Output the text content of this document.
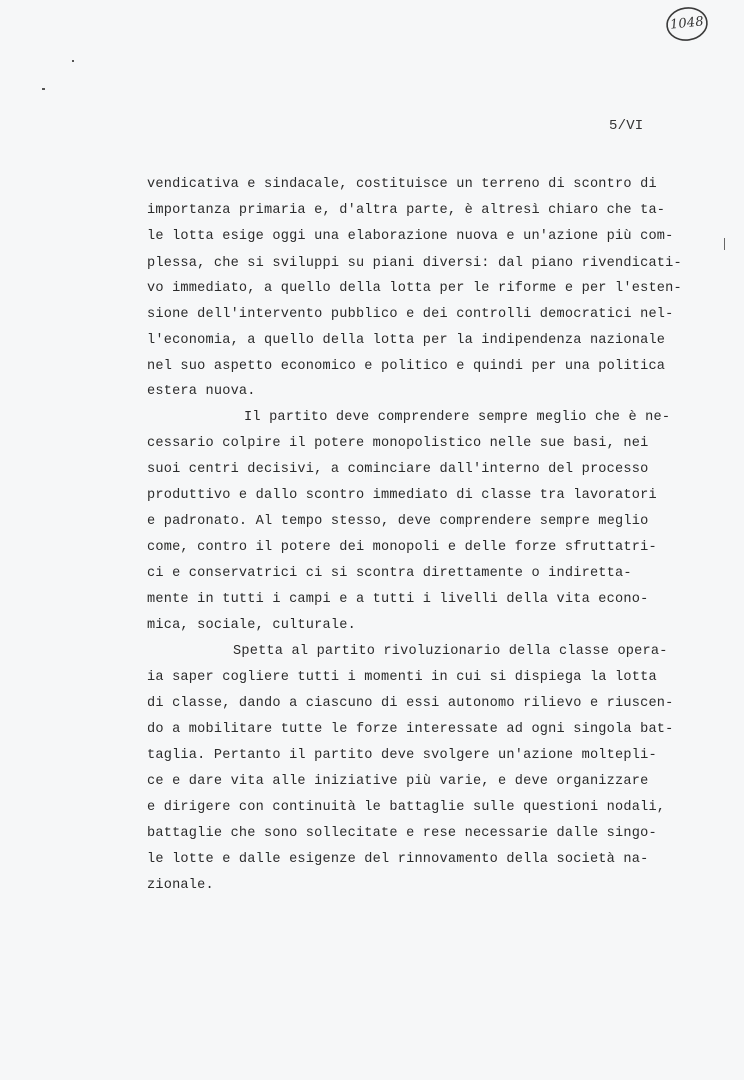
1048
5/VI
vendicativa e sindacale, costituisce un terreno di scontro di
importanza primaria e, d'altra parte, è altresì chiaro che ta-
le lotta esige oggi una elaborazione nuova e un'azione più com-
plessa, che si sviluppi su piani diversi: dal piano rivendicati-
vo immediato, a quello della lotta per le riforme e per l'esten-
sione dell'intervento pubblico e dei controlli democratici nel-
l'economia, a quello della lotta per la indipendenza nazionale
nel suo aspetto economico e politico e quindi per una politica
estera nuova.
Il partito deve comprendere sempre meglio che è ne-
cessario colpire il potere monopolistico nelle sue basi, nei
suoi centri decisivi, a cominciare dall'interno del processo
produttivo e dallo scontro immediato di classe tra lavoratori
e padronato. Al tempo stesso, deve comprendere sempre meglio
come, contro il potere dei monopoli e delle forze sfruttatri-
ci e conservatrici ci si scontra direttamente o indiretta-
mente in tutti i campi e a tutti i livelli della vita econo-
mica, sociale, culturale.
Spetta al partito rivoluzionario della classe opera-
ia saper cogliere tutti i momenti in cui si dispiega la lotta
di classe, dando a ciascuno di essi autonomo rilievo e riuscen-
do a mobilitare tutte le forze interessate ad ogni singola bat-
taglia. Pertanto il partito deve svolgere un'azione moltepli-
ce e dare vita alle iniziative più varie, e deve organizzare
e dirigere con continuità le battaglie sulle questioni nodali,
battaglie che sono sollecitate e rese necessarie dalle singo-
le lotte e dalle esigenze del rinnovamento della società na-
zionale.
